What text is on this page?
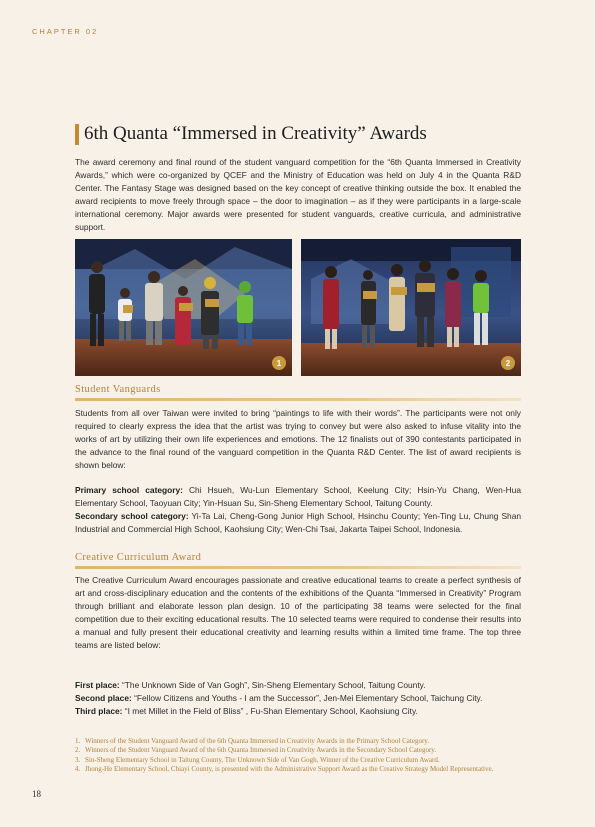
CHAPTER 02
6th Quanta “Immersed in Creativity” Awards
The award ceremony and final round of the student vanguard competition for the “6th Quanta Immersed in Creativity Awards,” which were co-organized by QCEF and the Ministry of Education was held on July 4 in the Quanta R&D Center. The Fantasy Stage was designed based on the key concept of creative thinking outside the box. It enabled the award recipients to move freely through space – the door to imagination – as if they were participants in a large-scale international ceremony. Major awards were presented for student vanguards, creative curricula, and administrative support.
1	2
Student Vanguards
Students from all over Taiwan were invited to bring “paintings to life with their words”. The participants were not only required to clearly express the idea that the artist was trying to convey but were also asked to infuse vitality into the works of art by utilizing their own life experiences and emotions. The 12 finalists out of 390 contestants participated in the advance to the final round of the vanguard competition in the Quanta R&D Center. The list of award recipients is shown below:
Primary school category: Chi Hsueh, Wu-Lun Elementary School, Keelung City; Hsin-Yu Chang, Wen-Hua Elementary School, Taoyuan City; Yin-Hsuan Su, Sin-Sheng Elementary School, Taitung County.
Secondary school category: Yi-Ta Lai, Cheng-Gong Junior High School, Hsinchu County; Yen-Ting Lu, Chung Shan Industrial and Commercial High School, Kaohsiung City; Wen-Chi Tsai, Jakarta Taipei School, Indonesia.
Creative Curriculum Award
The Creative Curriculum Award encourages passionate and creative educational teams to create a perfect synthesis of art and cross-disciplinary education and the contents of the exhibitions of the Quanta “Immersed in Creativity” Program through brilliant and elaborate lesson plan design. 10 of the participating 38 teams were selected for the final competition due to their exciting educational results. The 10 selected teams were required to condense their results into a manual and fully present their educational creativity and learning results within a limited time frame. The top three teams are listed below:
First place: “The Unknown Side of Van Gogh”, Sin-Sheng Elementary School, Taitung County.
Second place: “Fellow Citizens and Youths - I am the Successor”, Jen-Mei Elementary School, Taichung City.
Third place: “I met Millet in the Field of Bliss” , Fu-Shan Elementary School, Kaohsiung City.
1. Winners of the Student Vanguard Award of the 6th Quanta Immersed in Creativity Awards in the Primary School Category.
2. Winners of the Student Vanguard Award of the 6th Quanta Immersed in Creativity Awards in the Secondary School Category.
3. Sin-Sheng Elementary School in Taitung County, The Unknown Side of Van Gogh, Winner of the Creative Curriculum Award.
4. Jhong-He Elementary School, Chiayi County, is presented with the Administrative Support Award as the Creative Strategy Model Representative.
18
